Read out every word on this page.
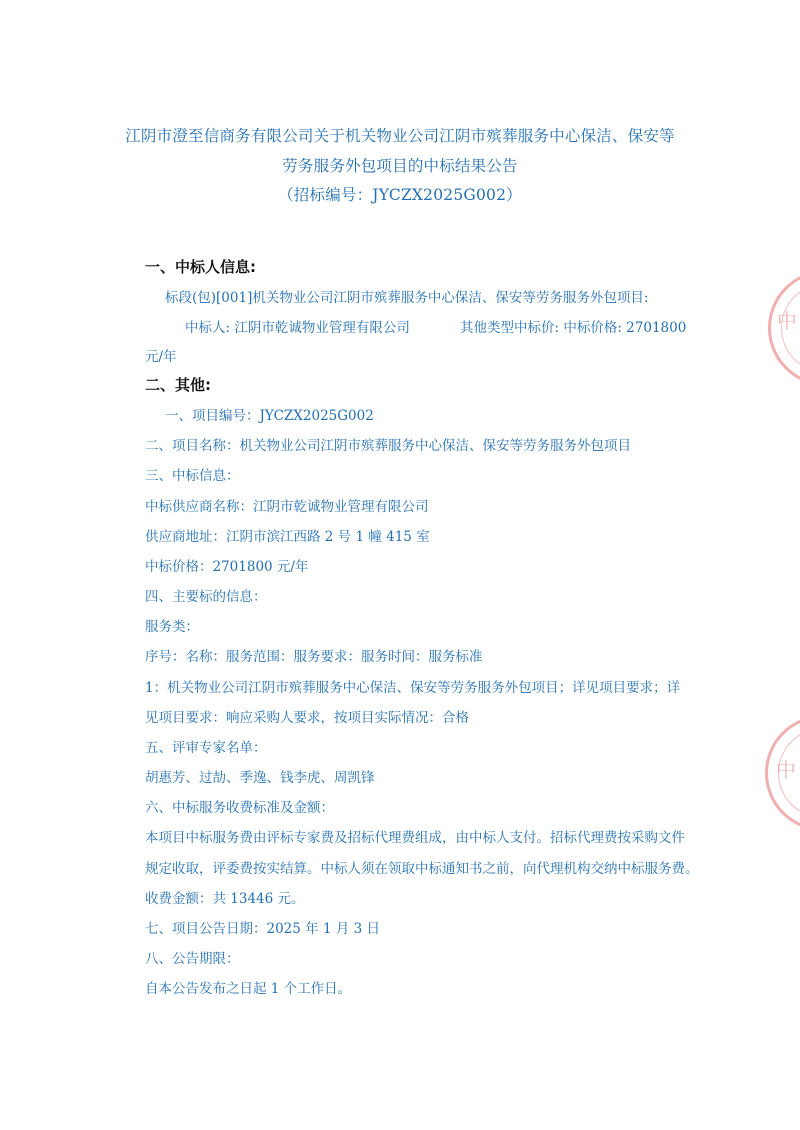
江阴市澄至信商务有限公司关于机关物业公司江阴市殡葬服务中心保洁、保安等
劳务服务外包项目的中标结果公告
（招标编号：JYCZX2025G002）
一、中标人信息:
标段(包)[001]机关物业公司江阴市殡葬服务中心保洁、保安等劳务服务外包项目:
中标人: 江阴市乾诚物业管理有限公司	其他类型中标价: 中标价格: 2701800
元/年
二、其他:
一、项目编号：JYCZX2025G002
二、项目名称：机关物业公司江阴市殡葬服务中心保洁、保安等劳务服务外包项目
三、中标信息：
中标供应商名称：江阴市乾诚物业管理有限公司
供应商地址：江阴市滨江西路 2 号 1 幢 415 室
中标价格：2701800 元/年
四、主要标的信息：
服务类：
序号：名称：服务范围：服务要求：服务时间：服务标准
1：机关物业公司江阴市殡葬服务中心保洁、保安等劳务服务外包项目；详见项目要求；详
见项目要求：响应采购人要求，按项目实际情况：合格
五、评审专家名单：
胡惠芳、过劼、季逸、钱李虎、周凯锋
六、中标服务收费标准及金额：
本项目中标服务费由评标专家费及招标代理费组成，由中标人支付。招标代理费按采购文件
规定收取，评委费按实结算。中标人须在领取中标通知书之前，向代理机构交纳中标服务费。
收费金额：共 13446 元。
七、项目公告日期：2025 年 1 月 3 日
八、公告期限：
自本公告发布之日起 1 个工作日。
中
中
